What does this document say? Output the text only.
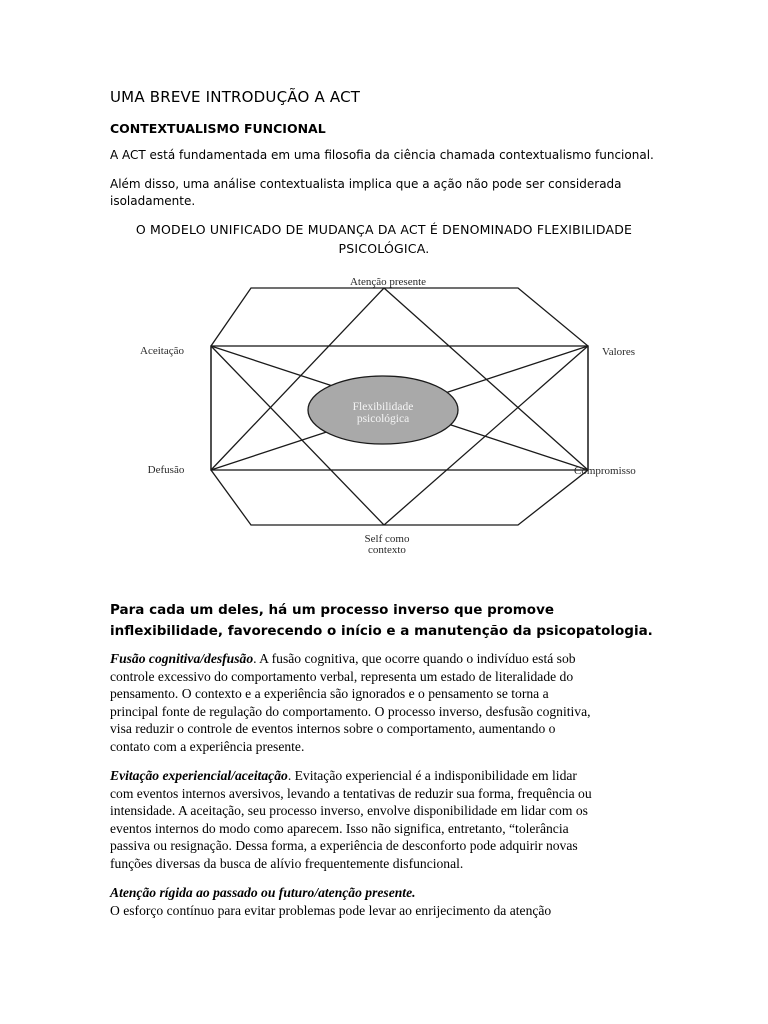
UMA BREVE INTRODUÇÃO A ACT
CONTEXTUALISMO FUNCIONAL
A ACT está fundamentada em uma filosofia da ciência chamada contextualismo funcional.
Além disso, uma análise contextualista implica que a ação não pode ser considerada isoladamente.
O MODELO UNIFICADO DE MUDANÇA DA ACT É DENOMINADO FLEXIBILIDADE PSICOLÓGICA.
Flexibilidade
psicológica
Atenção presente
Aceitação	Valores
Defusão	Compromisso
Self como
contexto
Para cada um deles, há um processo inverso que promove inflexibilidade, favorecendo o início e a manutenção da psicopatologia.
Fusão cognitiva/desfusão. A fusão cognitiva, que ocorre quando o indivíduo está sob
controle excessivo do comportamento verbal, representa um estado de literalidade do
pensamento. O contexto e a experiência são ignorados e o pensamento se torna a
principal fonte de regulação do comportamento. O processo inverso, desfusão cognitiva,
visa reduzir o controle de eventos internos sobre o comportamento, aumentando o
contato com a experiência presente.
Evitação experiencial/aceitação. Evitação experiencial é a indisponibilidade em lidar
com eventos internos aversivos, levando a tentativas de reduzir sua forma, frequência ou
intensidade. A aceitação, seu processo inverso, envolve disponibilidade em lidar com os
eventos internos do modo como aparecem. Isso não significa, entretanto, “tolerância
passiva ou resignação. Dessa forma, a experiência de desconforto pode adquirir novas
funções diversas da busca de alívio frequentemente disfuncional.
Atenção rígida ao passado ou futuro/atenção presente.
O esforço contínuo para evitar problemas pode levar ao enrijecimento da atenção
